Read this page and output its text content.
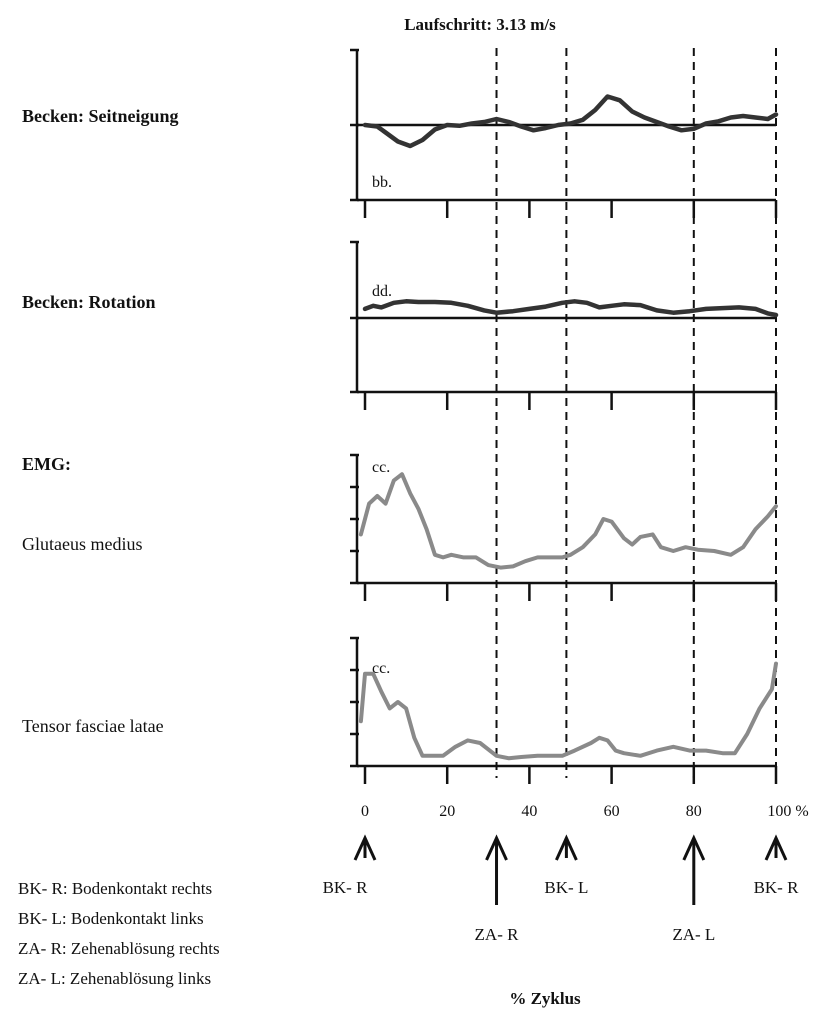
Laufschritt: 3.13 m/s
Becken: Seitneigung
Becken: Rotation
EMG:
Glutaeus medius
Tensor fasciae latae
bb.
dd.
cc.
cc.
0	20	40	60	80	100 %
BK- R	BK- L	BK- R
ZA- R	ZA- L
BK- R: Bodenkontakt rechts
BK- L: Bodenkontakt links
ZA- R: Zehenablösung rechts
ZA- L: Zehenablösung links
% Zyklus
